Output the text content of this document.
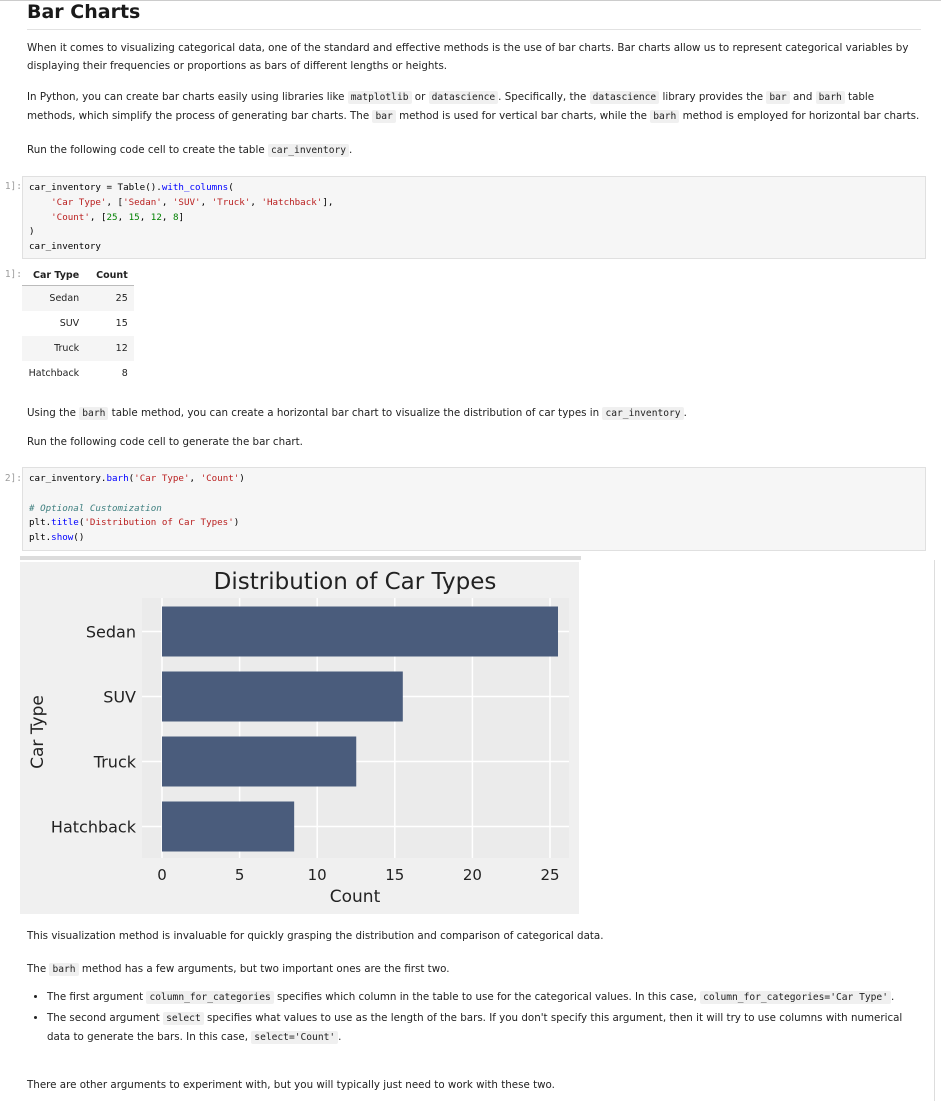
Bar Charts
When it comes to visualizing categorical data, one of the standard and effective methods is the use of bar charts. Bar charts allow us to represent categorical variables by displaying their frequencies or proportions as bars of different lengths or heights.
In Python, you can create bar charts easily using libraries like matplotlib or datascience . Specifically, the datascience library provides the bar and barh table methods, which simplify the process of generating bar charts. The bar method is used for vertical bar charts, while the barh method is employed for horizontal bar charts.
Run the following code cell to create the table car_inventory .
1]: car_inventory = Table().with_columns(
'Car Type', ['Sedan', 'SUV', 'Truck', 'Hatchback'],
'Count', [25, 15, 12, 8]
)
car_inventory
1]: Car Type	Count
Sedan	25
SUV	15
Truck	12
Hatchback	8
Using the barh table method, you can create a horizontal bar chart to visualize the distribution of car types in car_inventory .
Run the following code cell to generate the bar chart.
2]: car_inventory.barh('Car Type', 'Count')

# Optional Customization
plt.title('Distribution of Car Types')
plt.show()
Sedan
SUV
Truck
Hatchback
0	5	10	15	20	25
Distribution of Car Types
Count
Car Type
This visualization method is invaluable for quickly grasping the distribution and comparison of categorical data.
The barh method has a few arguments, but two important ones are the first two.
• The first argument column_for_categories specifies which column in the table to use for the categorical values. In this case, column_for_categories='Car Type' .
• The second argument select specifies what values to use as the length of the bars. If you don't specify this argument, then it will try to use columns with numerical data to generate the bars. In this case, select='Count' .
There are other arguments to experiment with, but you will typically just need to work with these two.
